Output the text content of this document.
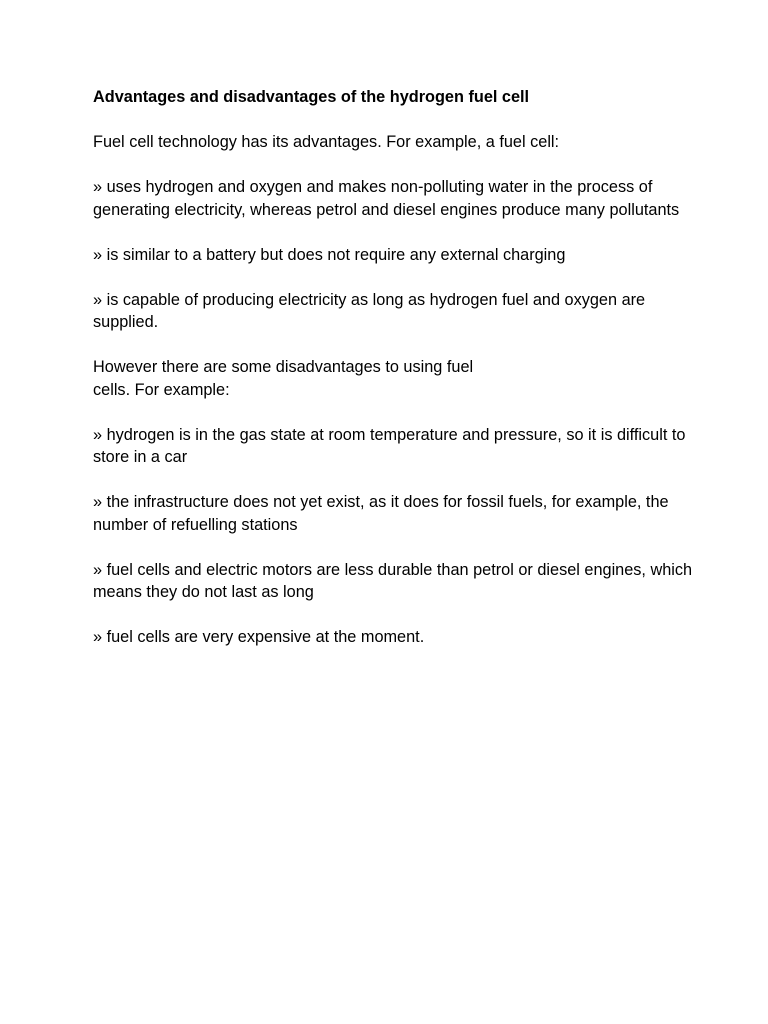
Advantages and disadvantages of the hydrogen fuel cell

Fuel cell technology has its advantages. For example, a fuel cell:

» uses hydrogen and oxygen and makes non-polluting water in the process of generating electricity, whereas petrol and diesel engines produce many pollutants

» is similar to a battery but does not require any external charging

» is capable of producing electricity as long as hydrogen fuel and oxygen are supplied.

However there are some disadvantages to using fuel
cells. For example:

» hydrogen is in the gas state at room temperature and pressure, so it is difficult to store in a car

» the infrastructure does not yet exist, as it does for fossil fuels, for example, the number of refuelling stations

» fuel cells and electric motors are less durable than petrol or diesel engines, which means they do not last as long

» fuel cells are very expensive at the moment.
